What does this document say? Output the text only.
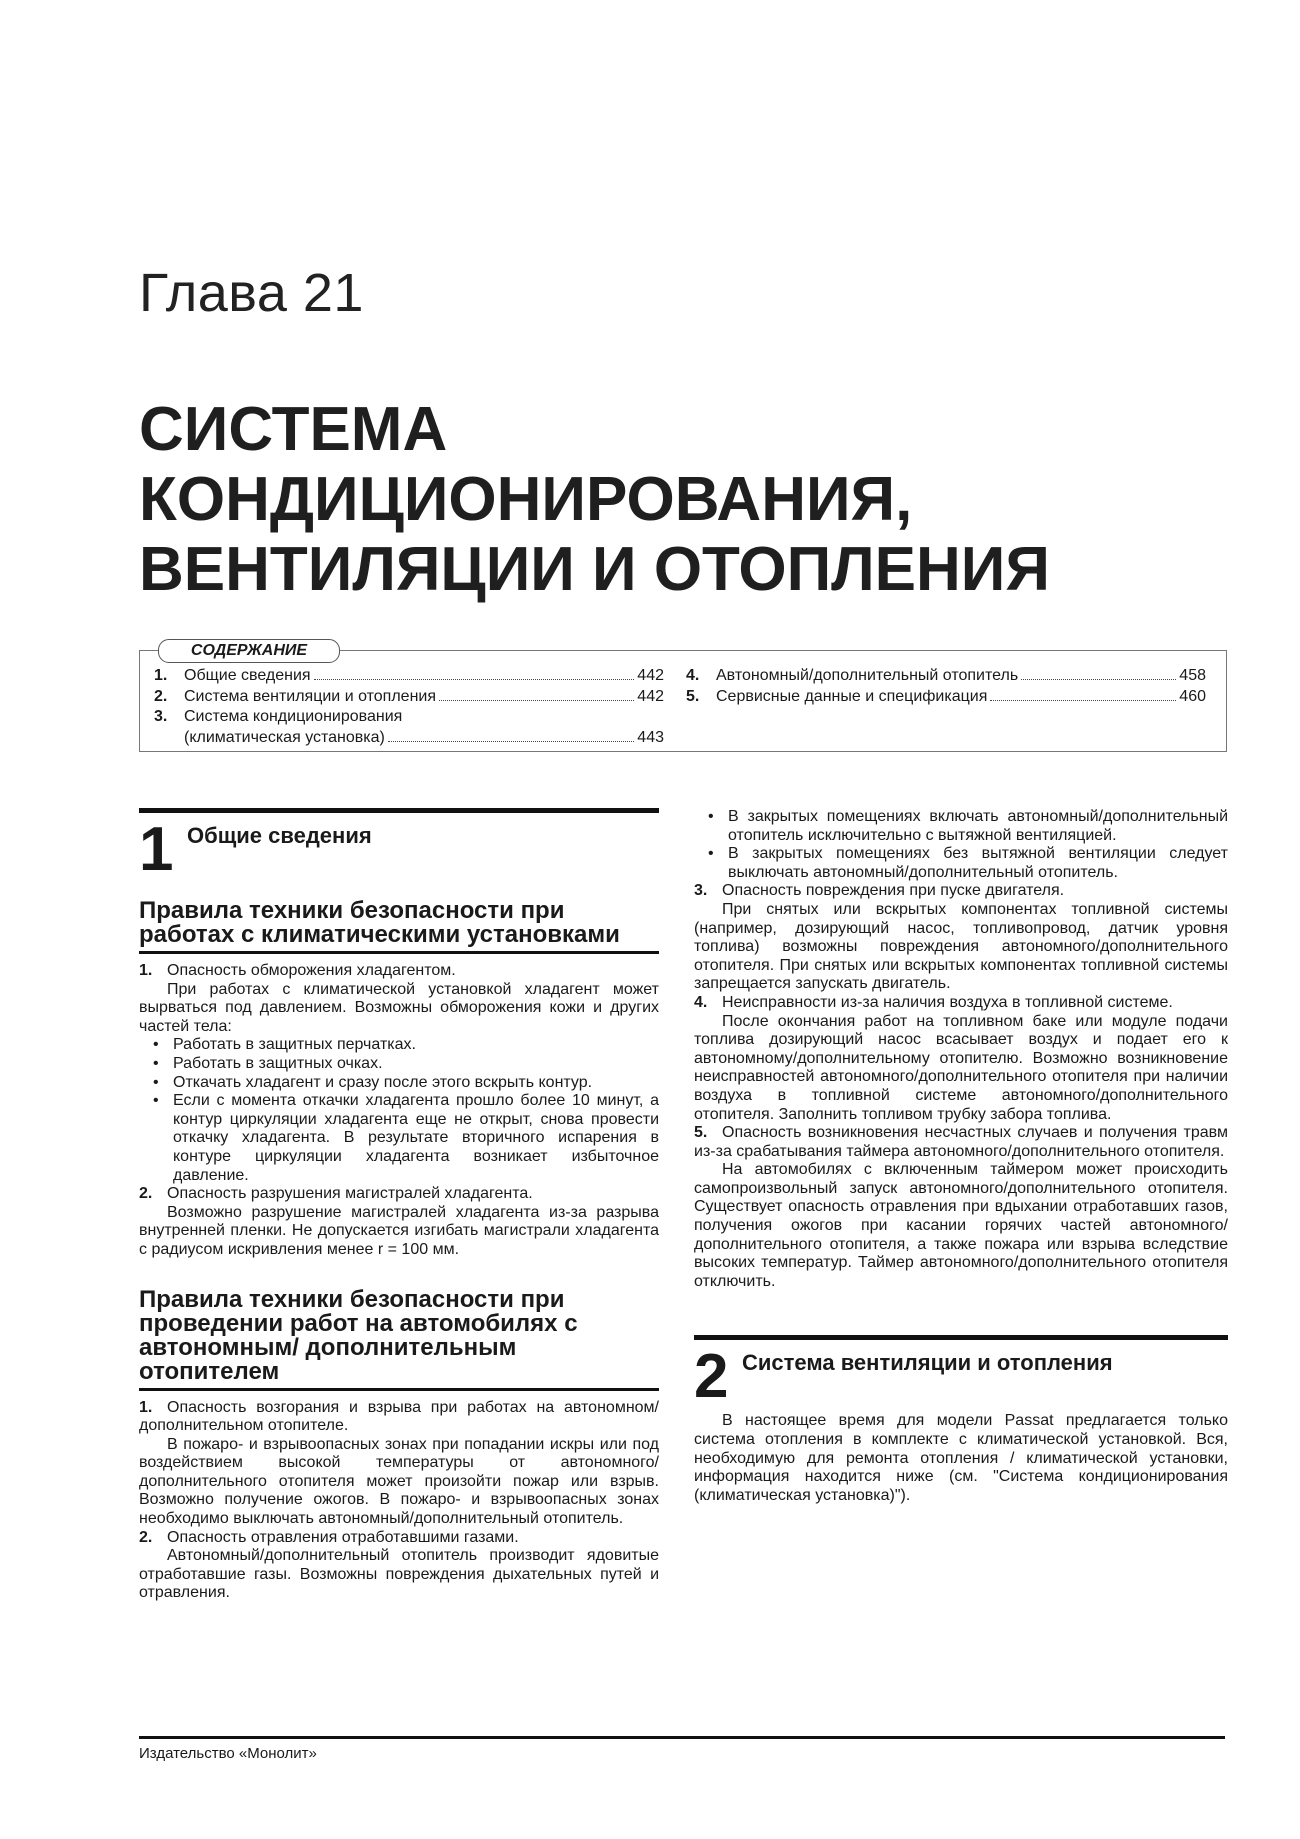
Глава 21
СИСТЕМА
КОНДИЦИОНИРОВАНИЯ,
ВЕНТИЛЯЦИИ И ОТОПЛЕНИЯ
СОДЕРЖАНИЕ
1.	Общие сведения	442
2.	Система вентиляции и отопления	442
3.	Система кондиционирования
(климатическая установка)	443
4.	Автономный/дополнительный отопитель	458
5.	Сервисные данные и спецификация	460
1 Общие сведения
Правила техники безопасности при работах с климатическими установками

1. Опасность обморожения хладагентом.

При работах с климатической установкой хладагент может вырваться под давлением. Возможны обморожения кожи и других частей тела:

• Работать в защитных перчатках.

• Работать в защитных очках.

• Откачать хладагент и сразу после этого вскрыть контур.

• Если с момента откачки хладагента прошло более 10 минут, а контур циркуляции хладагента еще не открыт, снова провести откачку хладагента. В результате вторичного испарения в контуре циркуляции хладагента возникает избыточное давление.

2. Опасность разрушения магистралей хладагента.

Возможно разрушение магистралей хладагента из-за разрыва внутренней пленки. Не допускается изгибать магистрали хладагента с радиусом искривления менее r = 100 мм.

Правила техники безопасности при проведении работ на автомобилях с автономным/ дополнительным отопителем

1. Опасность возгорания и взрыва при работах на автономном/дополнительном отопителе.

В пожаро- и взрывоопасных зонах при попадании искры или под воздействием высокой температуры от автономного/дополнительного отопителя может произойти пожар или взрыв. Возможно получение ожогов. В пожаро- и взрывоопасных зонах необходимо выключать автономный/дополнительный отопитель.

2. Опасность отравления отработавшими газами.

Автономный/дополнительный отопитель производит ядовитые отработавшие газы. Возможны повреждения дыхательных путей и отравления.

• В закрытых помещениях включать автономный/дополнительный отопитель исключительно с вытяжной вентиляцией.

• В закрытых помещениях без вытяжной вентиляции следует выключать автономный/дополнительный отопитель.

3. Опасность повреждения при пуске двигателя.

При снятых или вскрытых компонентах топливной системы (например, дозирующий насос, топливопровод, датчик уровня топлива) возможны повреждения автономного/дополнительного отопителя. При снятых или вскрытых компонентах топливной системы запрещается запускать двигатель.

4. Неисправности из-за наличия воздуха в топливной системе.

После окончания работ на топливном баке или модуле подачи топлива дозирующий насос всасывает воздух и подает его к автономному/дополнительному отопителю. Возможно возникновение неисправностей автономного/дополнительного отопителя при наличии воздуха в топливной системе автономного/дополнительного отопителя. Заполнить топливом трубку забора топлива.

5. Опасность возникновения несчастных случаев и получения травм из-за срабатывания таймера автономного/дополнительного отопителя.

На автомобилях с включенным таймером может происходить самопроизвольный запуск автономного/дополнительного отопителя. Существует опасность отравления при вдыхании отработавших газов, получения ожогов при касании горячих частей автономного/дополнительного отопителя, а также пожара или взрыва вследствие высоких температур. Таймер автономного/дополнительного отопителя отключить.

2 Система вентиляции и отопления

В настоящее время для модели Passat предлагается только система отопления в комплекте с климатической установкой. Вся, необходимую для ремонта отопления / климатической установки, информация находится ниже (см. "Система кондиционирования (климатическая установка)").

Издательство «Монолит»
